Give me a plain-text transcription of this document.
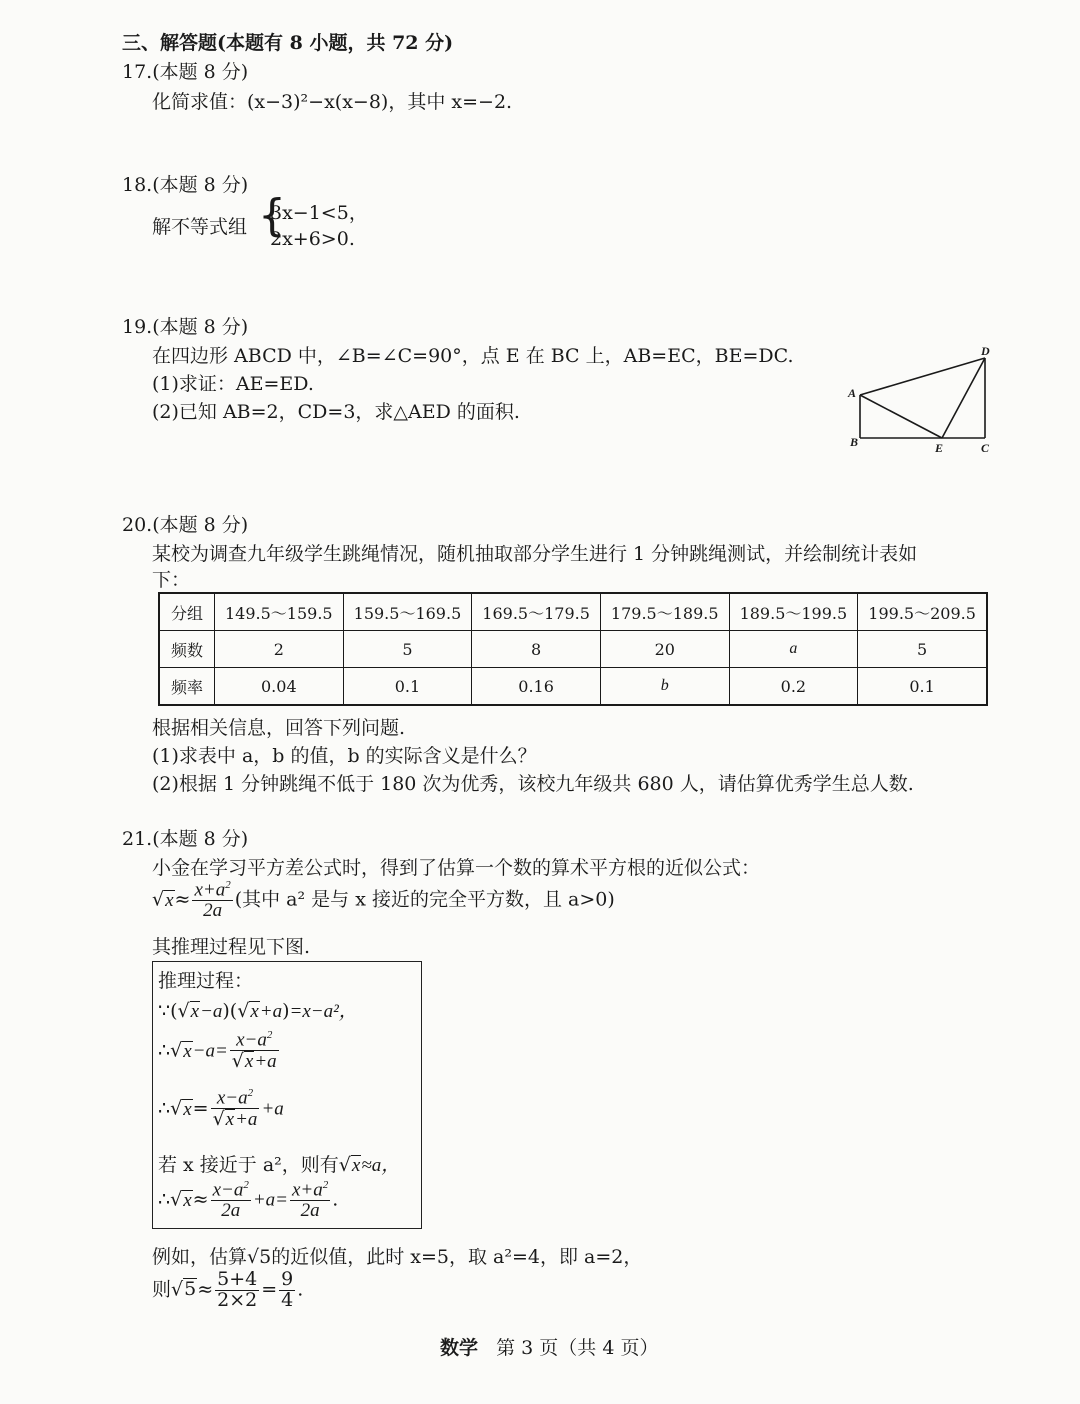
三、解答题(本题有 8 小题，共 72 分)
17.(本题 8 分)
化简求值：(x−3)²−x(x−8)，其中 x=−2.
18.(本题 8 分)
解不等式组 {
3x−1<5，
2x+6>0.
19.(本题 8 分)
在四边形 ABCD 中，∠B=∠C=90°，点 E 在 BC 上，AB=EC，BE=DC.
(1)求证：AE=ED.
(2)已知 AB=2，CD=3，求△AED 的面积.
A
B	C
D
E
20.(本题 8 分)
某校为调查九年级学生跳绳情况，随机抽取部分学生进行 1 分钟跳绳测试，并绘制统计表如
下：
分组	149.5～159.5	159.5～169.5	169.5～179.5	179.5～189.5	189.5～199.5	199.5～209.5
频数	2	5	8	20	a	5
频率	0.04	0.1	0.16	b	0.2	0.1
根据相关信息，回答下列问题.
(1)求表中 a，b 的值，b 的实际含义是什么？
(2)根据 1 分钟跳绳不低于 180 次为优秀，该校九年级共 680 人，请估算优秀学生总人数.
21.(本题 8 分)
小金在学习平方差公式时，得到了估算一个数的算术平方根的近似公式：
$√x\approx \frac{x+a^2}{2a}$ (其中 a² 是与 x 接近的完全平方数，且 a>0)
其推理过程见下图.
推理过程：
∵(√x−a)(√x+a)=x−a²，
∴√x−a= $\frac{x-a^2}{√x+a}$
∴√x= $\frac{x-a^2}{√x+a} +a$
若 x 接近于 a²，则有√x≈a，
∴√x≈ $\frac{x-a^2}{2a} +a= \frac{x+a^2}{2a}$ .
例如，估算√5的近似值，此时 x=5，取 a²=4，即 a=2，
则$√5\approx \frac{5+4}{2\times 2} = \frac{9}{4}$ .
数学 第 3 页（共 4 页）
